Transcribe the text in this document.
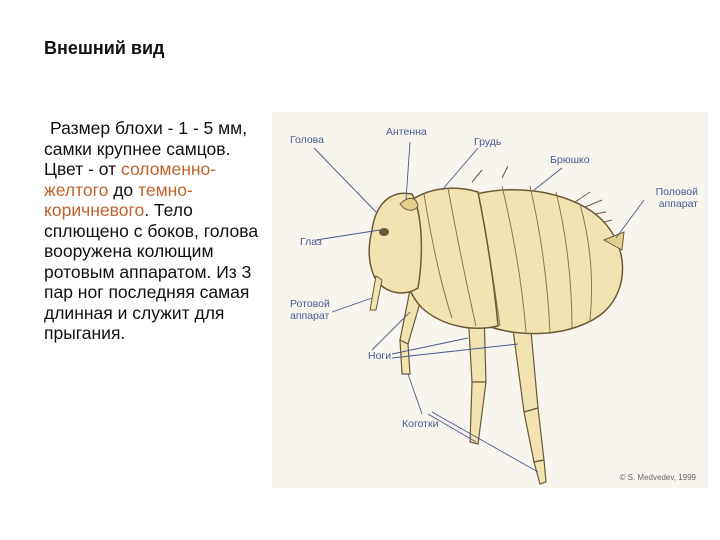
Внешний вид
Размер блохи - 1 - 5 мм, самки крупнее самцов. Цвет - от соломенно-желтого до темно-коричневого. Тело сплющено с боков, голова вооружена колющим ротовым аппаратом. Из 3 пар ног последняя самая длинная и служит для прыгания.
Голова
Антенна
Грудь
Брюшко
Половой
аппарат
Глаз
Ротовой
аппарат
Ноги
Коготки
© S. Medvedev, 1999
